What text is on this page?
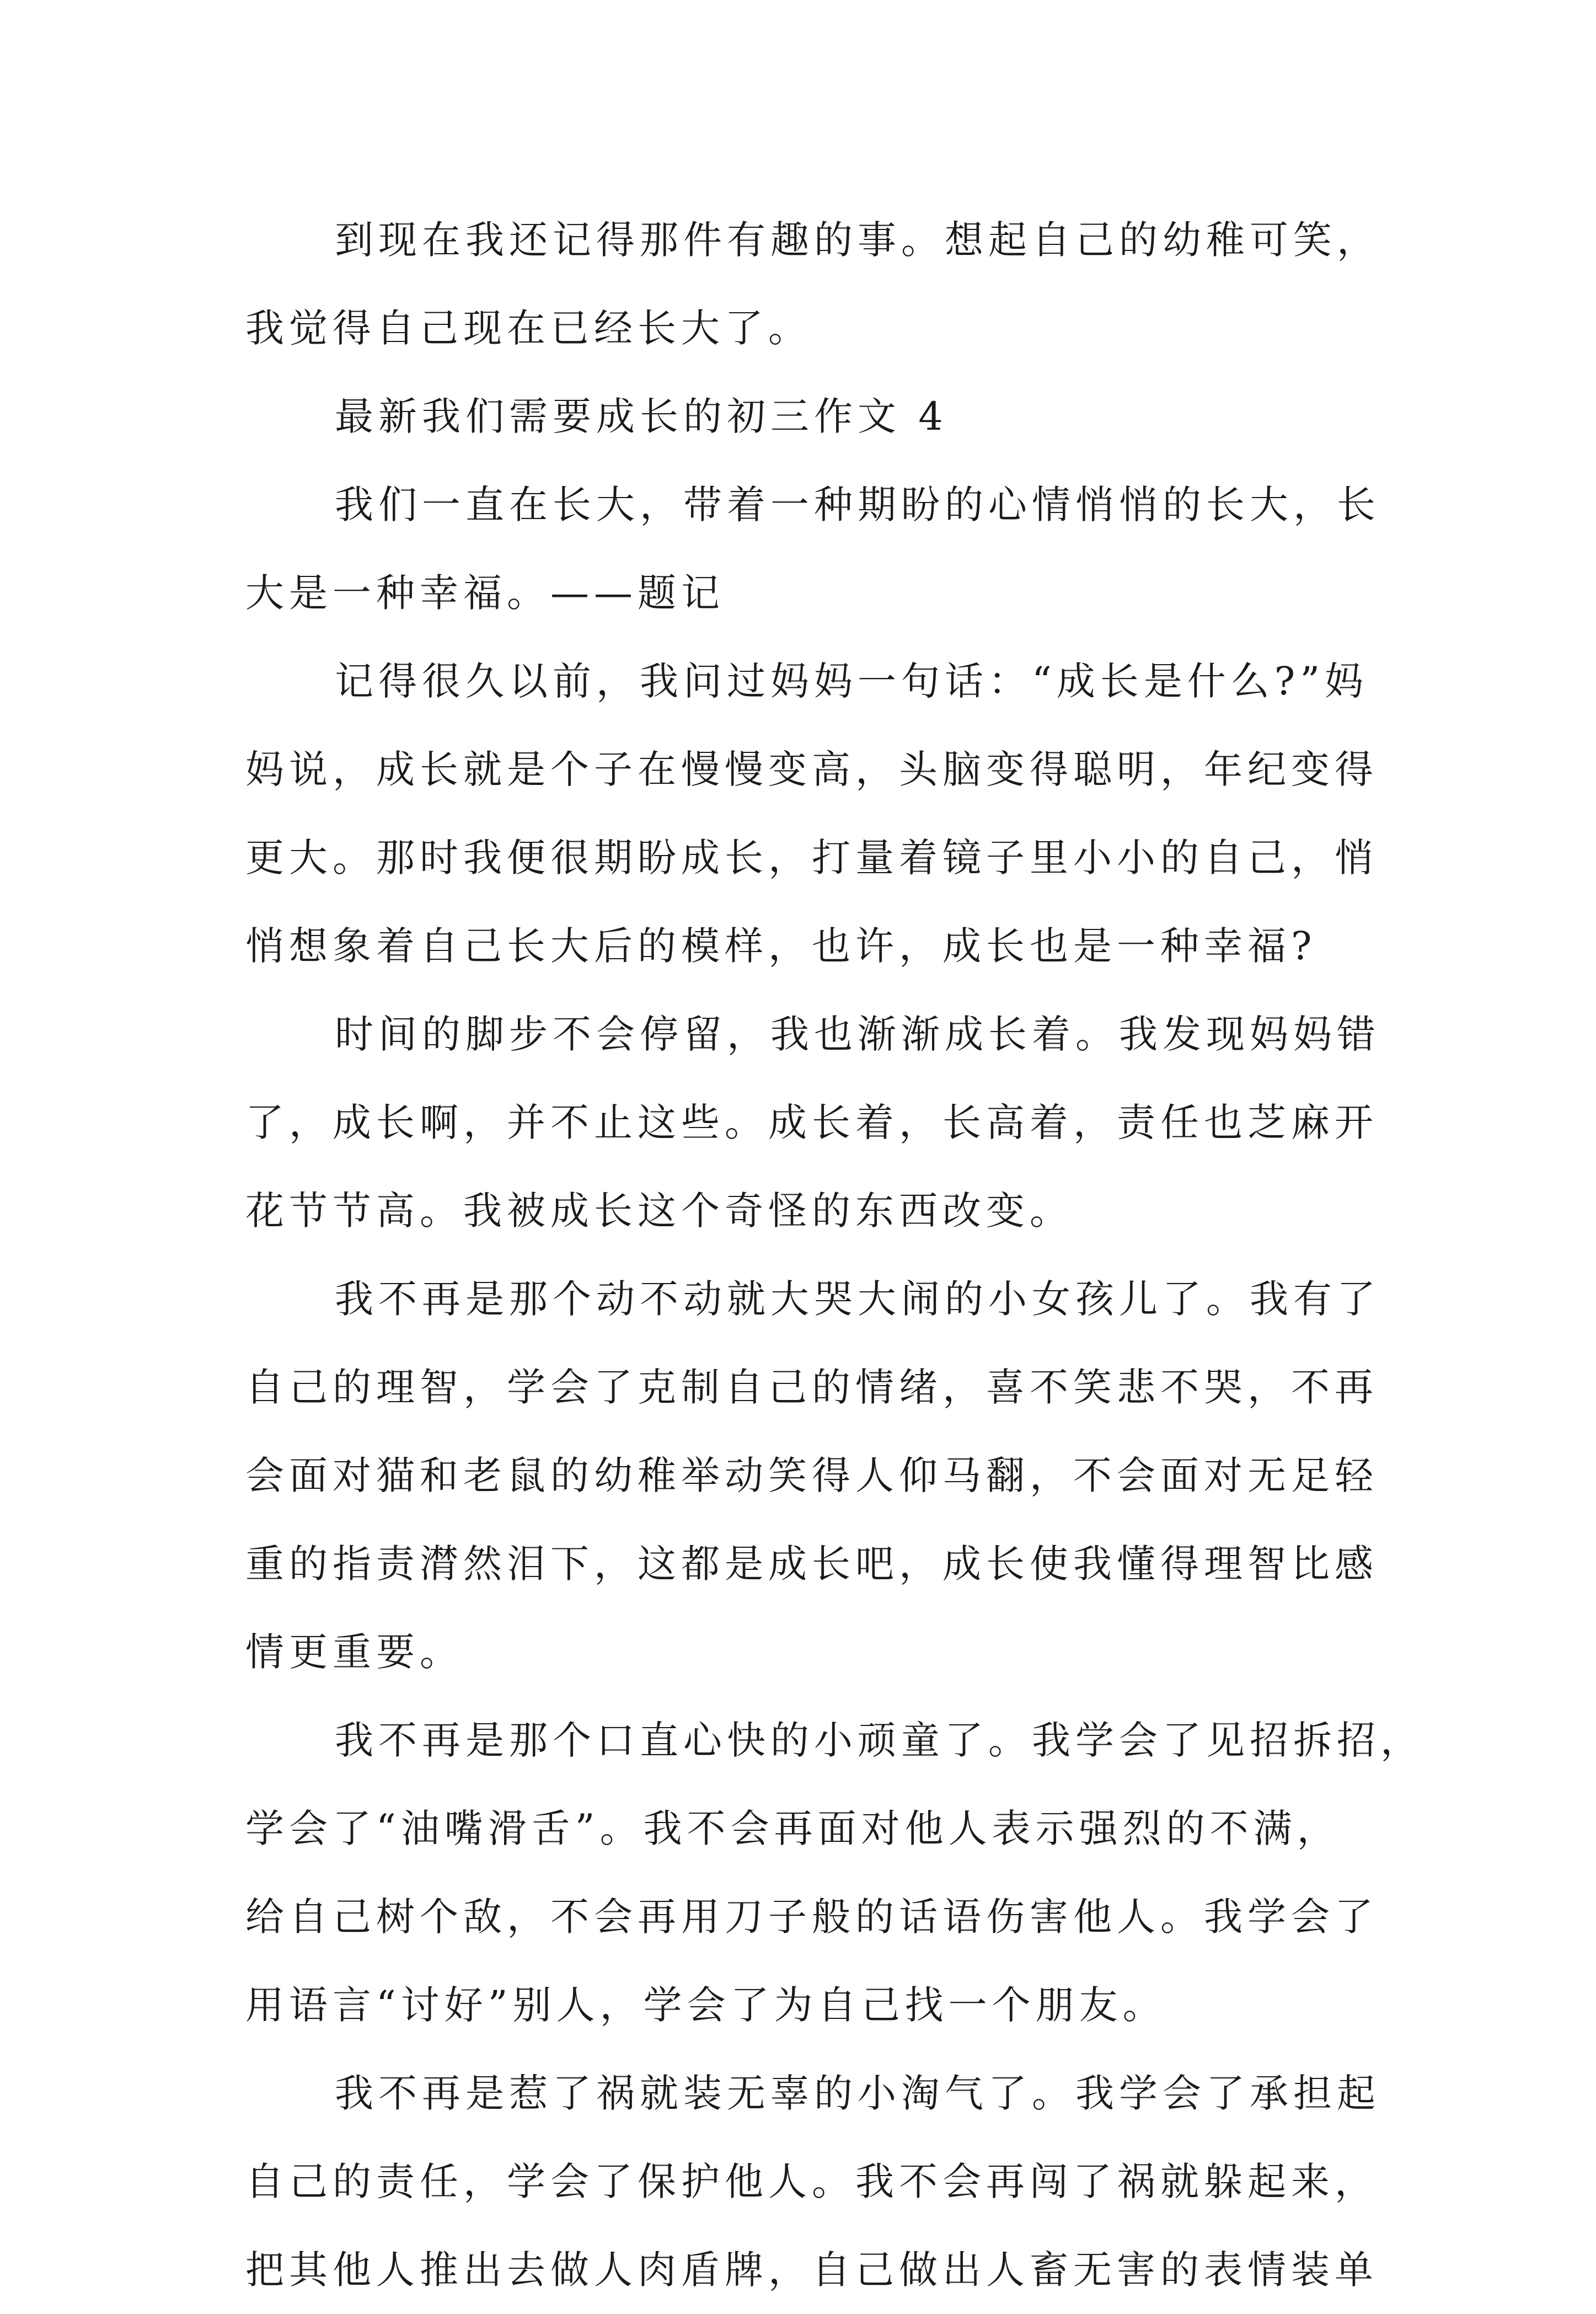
到现在我还记得那件有趣的事。想起自己的幼稚可笑，
我觉得自己现在已经长大了。
最新我们需要成长的初三作文 4
我们一直在长大，带着一种期盼的心情悄悄的长大，长
大是一种幸福。——题记
记得很久以前，我问过妈妈一句话：“成长是什么?”妈
妈说，成长就是个子在慢慢变高，头脑变得聪明，年纪变得
更大。那时我便很期盼成长，打量着镜子里小小的自己，悄
悄想象着自己长大后的模样，也许，成长也是一种幸福?
时间的脚步不会停留，我也渐渐成长着。我发现妈妈错
了，成长啊，并不止这些。成长着，长高着，责任也芝麻开
花节节高。我被成长这个奇怪的东西改变。
我不再是那个动不动就大哭大闹的小女孩儿了。我有了
自己的理智，学会了克制自己的情绪，喜不笑悲不哭，不再
会面对猫和老鼠的幼稚举动笑得人仰马翻，不会面对无足轻
重的指责潸然泪下，这都是成长吧，成长使我懂得理智比感
情更重要。
我不再是那个口直心快的小顽童了。我学会了见招拆招，
学会了“油嘴滑舌”。我不会再面对他人表示强烈的不满，
给自己树个敌，不会再用刀子般的话语伤害他人。我学会了
用语言“讨好”别人，学会了为自己找一个朋友。
我不再是惹了祸就装无辜的小淘气了。我学会了承担起
自己的责任，学会了保护他人。我不会再闯了祸就躲起来，
把其他人推出去做人肉盾牌，自己做出人畜无害的表情装单
